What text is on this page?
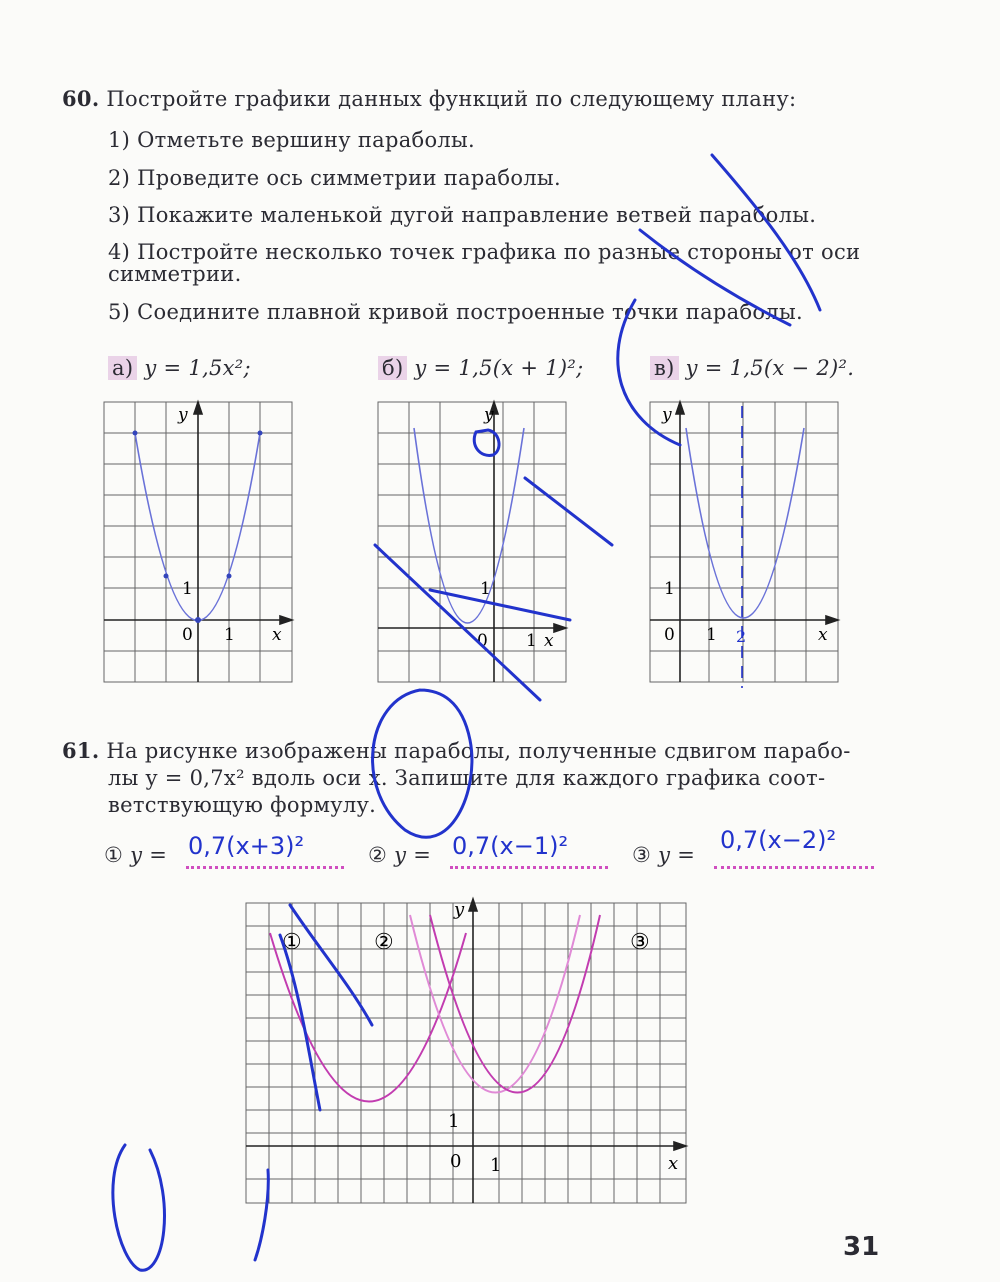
60. Постройте графики данных функций по следующему плану:
1) Отметьте вершину параболы.
2) Проведите ось симметрии параболы.
3) Покажите маленькой дугой направление ветвей параболы.
4) Постройте несколько точек графика по разные стороны от оси
симметрии.
5) Соедините плавной кривой построенные точки параболы.
а) y = 1,5x²;	б) y = 1,5(x + 1)²;	в) y = 1,5(x − 2)².
y
x
0 1
1
y
x
0 1
1
y
x
0 1
1
2
61. На рисунке изображены параболы, полученные сдвигом парабо-
лы y = 0,7x² вдоль оси x. Запишите для каждого графика соот-
ветствующую формулу.
① y = 0,7(x+3)²	② y = 0,7(x−1)²	③ y =
0,7(x−2)²
y
x
0 1
1
①	②	③
31
